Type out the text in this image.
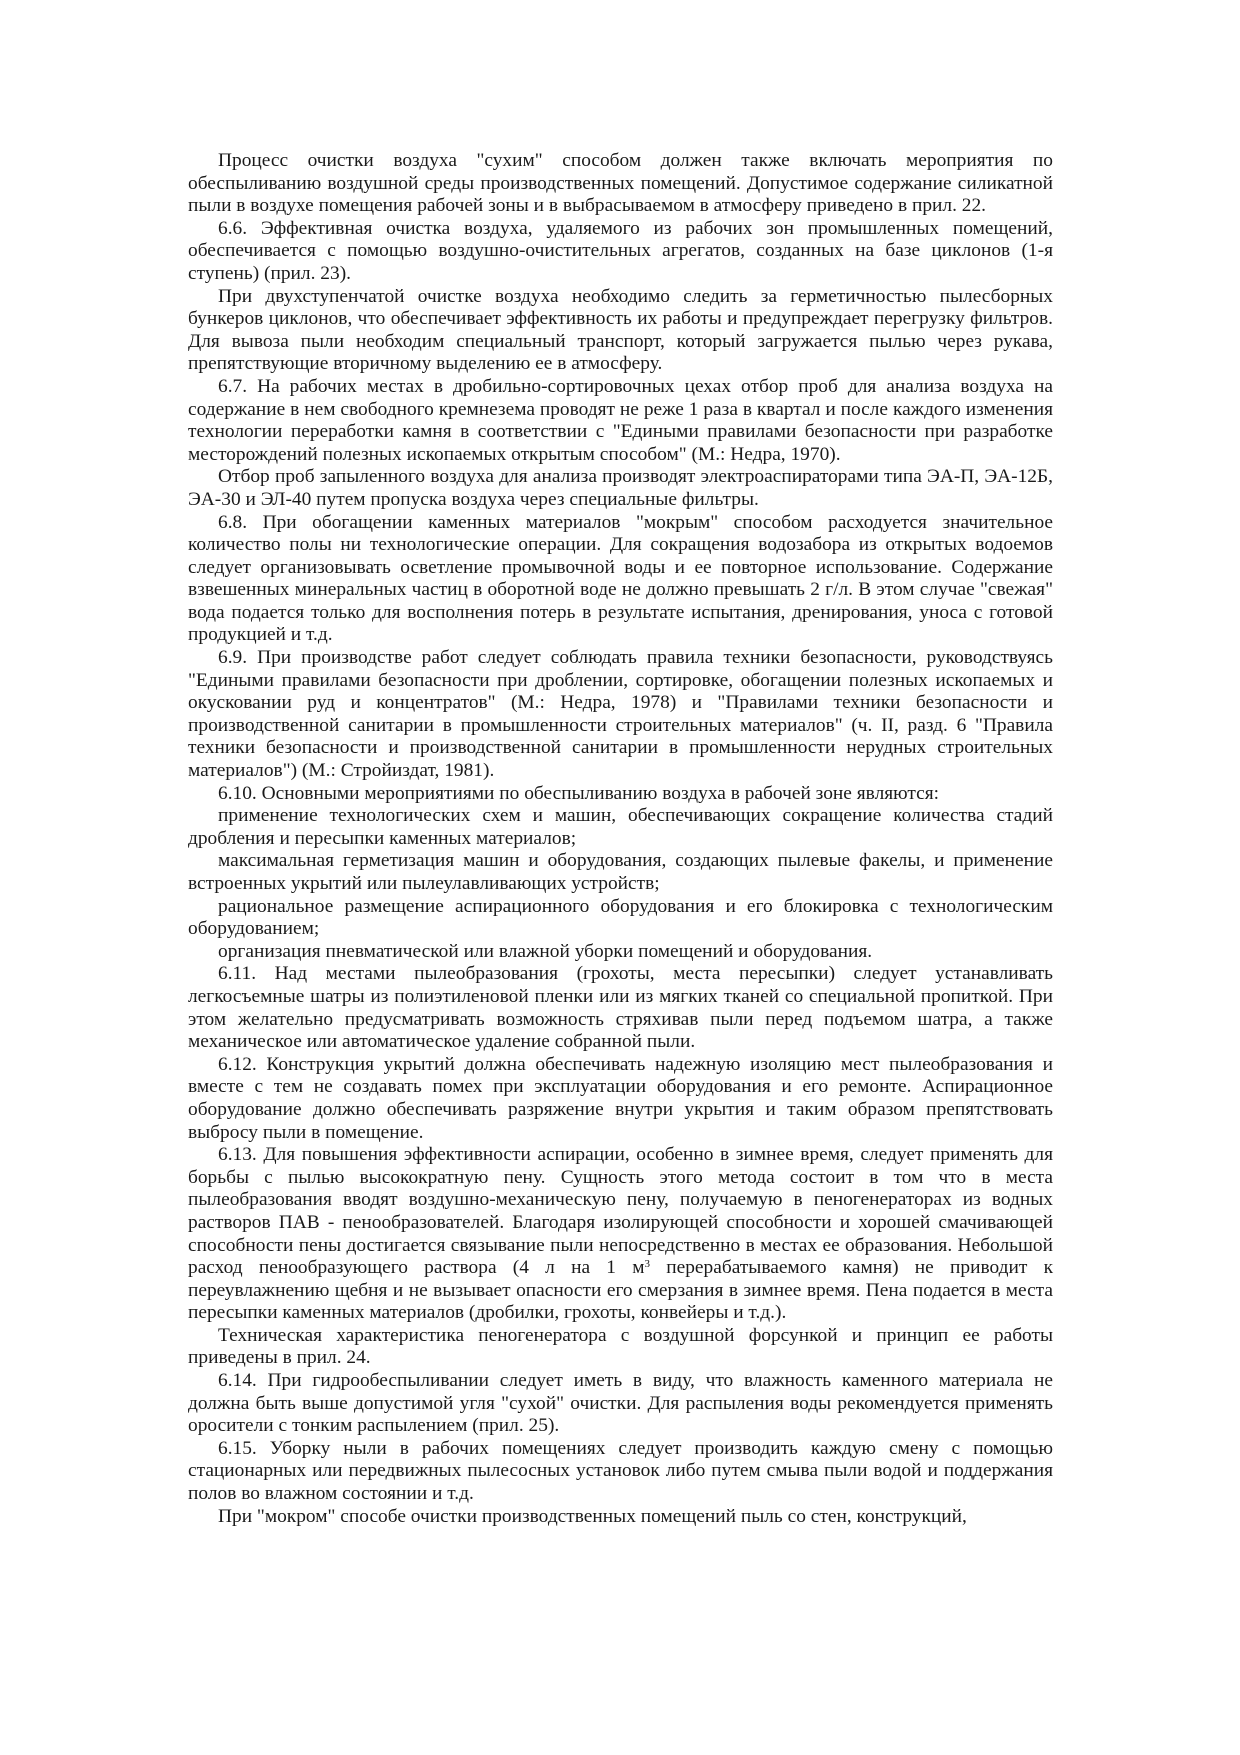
Процесс очистки воздуха "сухим" способом должен также включать мероприятия по обеспыливанию воздушной среды производственных помещений. Допустимое содержание силикатной пыли в воздухе помещения рабочей зоны и в выбрасываемом в атмосферу приведено в прил. 22.

6.6. Эффективная очистка воздуха, удаляемого из рабочих зон промышленных помещений, обеспечивается с помощью воздушно-очистительных агрегатов, созданных на базе циклонов (1-я ступень) (прил. 23).

При двухступенчатой очистке воздуха необходимо следить за герметичностью пылесборных бункеров циклонов, что обеспечивает эффективность их работы и предупреждает перегрузку фильтров. Для вывоза пыли необходим специальный транспорт, который загружается пылью через рукава, препятствующие вторичному выделению ее в атмосферу.

6.7. На рабочих местах в дробильно-сортировочных цехах отбор проб для анализа воздуха на содержание в нем свободного кремнезема проводят не реже 1 раза в квартал и после каждого изменения технологии переработки камня в соответствии с "Едиными правилами безопасности при разработке месторождений полезных ископаемых открытым способом" (М.: Недра, 1970).

Отбор проб запыленного воздуха для анализа производят электроаспираторами типа ЭА-П, ЭА-12Б, ЭА-30 и ЭЛ-40 путем пропуска воздуха через специальные фильтры.

6.8. При обогащении каменных материалов "мокрым" способом расходуется значительное количество полы ни технологические операции. Для сокращения водозабора из открытых водоемов следует организовывать осветление промывочной воды и ее повторное использование. Содержание взвешенных минеральных частиц в оборотной воде не должно превышать 2 г/л. В этом случае "свежая" вода подается только для восполнения потерь в результате испытания, дренирования, уноса с готовой продукцией и т.д.

6.9. При производстве работ следует соблюдать правила техники безопасности, руководствуясь "Едиными правилами безопасности при дроблении, сортировке, обогащении полезных ископаемых и окусковании руд и концентратов" (М.: Недра, 1978) и "Правилами техники безопасности и производственной санитарии в промышленности строительных материалов" (ч. II, разд. 6 "Правила техники безопасности и производственной санитарии в промышленности нерудных строительных материалов") (М.: Стройиздат, 1981).

6.10. Основными мероприятиями по обеспыливанию воздуха в рабочей зоне являются:

применение технологических схем и машин, обеспечивающих сокращение количества стадий дробления и пересыпки каменных материалов;

максимальная герметизация машин и оборудования, создающих пылевые факелы, и применение встроенных укрытий или пылеулавливающих устройств;

рациональное размещение аспирационного оборудования и его блокировка с технологическим оборудованием;

организация пневматической или влажной уборки помещений и оборудования.

6.11. Над местами пылеобразования (грохоты, места пересыпки) следует устанавливать легкосъемные шатры из полиэтиленовой пленки или из мягких тканей со специальной пропиткой. При этом желательно предусматривать возможность стряхивав пыли перед подъемом шатра, а также механическое или автоматическое удаление собранной пыли.

6.12. Конструкция укрытий должна обеспечивать надежную изоляцию мест пылеобразования и вместе с тем не создавать помех при эксплуатации оборудования и его ремонте. Аспирационное оборудование должно обеспечивать разряжение внутри укрытия и таким образом препятствовать выбросу пыли в помещение.

6.13. Для повышения эффективности аспирации, особенно в зимнее время, следует применять для борьбы с пылью высокократную пену. Сущность этого метода состоит в том что в места пылеобразования вводят воздушно-механическую пену, получаемую в пеногенераторах из водных растворов ПАВ - пенообразователей. Благодаря изолирующей способности и хорошей смачивающей способности пены достигается связывание пыли непосредственно в местах ее образования. Небольшой расход пенообразующего раствора (4 л на 1 $м^3$ перерабатываемого камня) не приводит к переувлажнению щебня и не вызывает опасности его смерзания в зимнее время. Пена подается в места пересыпки каменных материалов (дробилки, грохоты, конвейеры и т.д.).

Техническая характеристика пеногенератора с воздушной форсункой и принцип ее работы приведены в прил. 24.

6.14. При гидрообеспыливании следует иметь в виду, что влажность каменного материала не должна быть выше допустимой угля "сухой" очистки. Для распыления воды рекомендуется применять оросители с тонким распылением (прил. 25).

6.15. Уборку ныли в рабочих помещениях следует производить каждую смену с помощью стационарных или передвижных пылесосных установок либо путем смыва пыли водой и поддержания полов во влажном состоянии и т.д.

При "мокром" способе очистки производственных помещений пыль со стен, конструкций,
